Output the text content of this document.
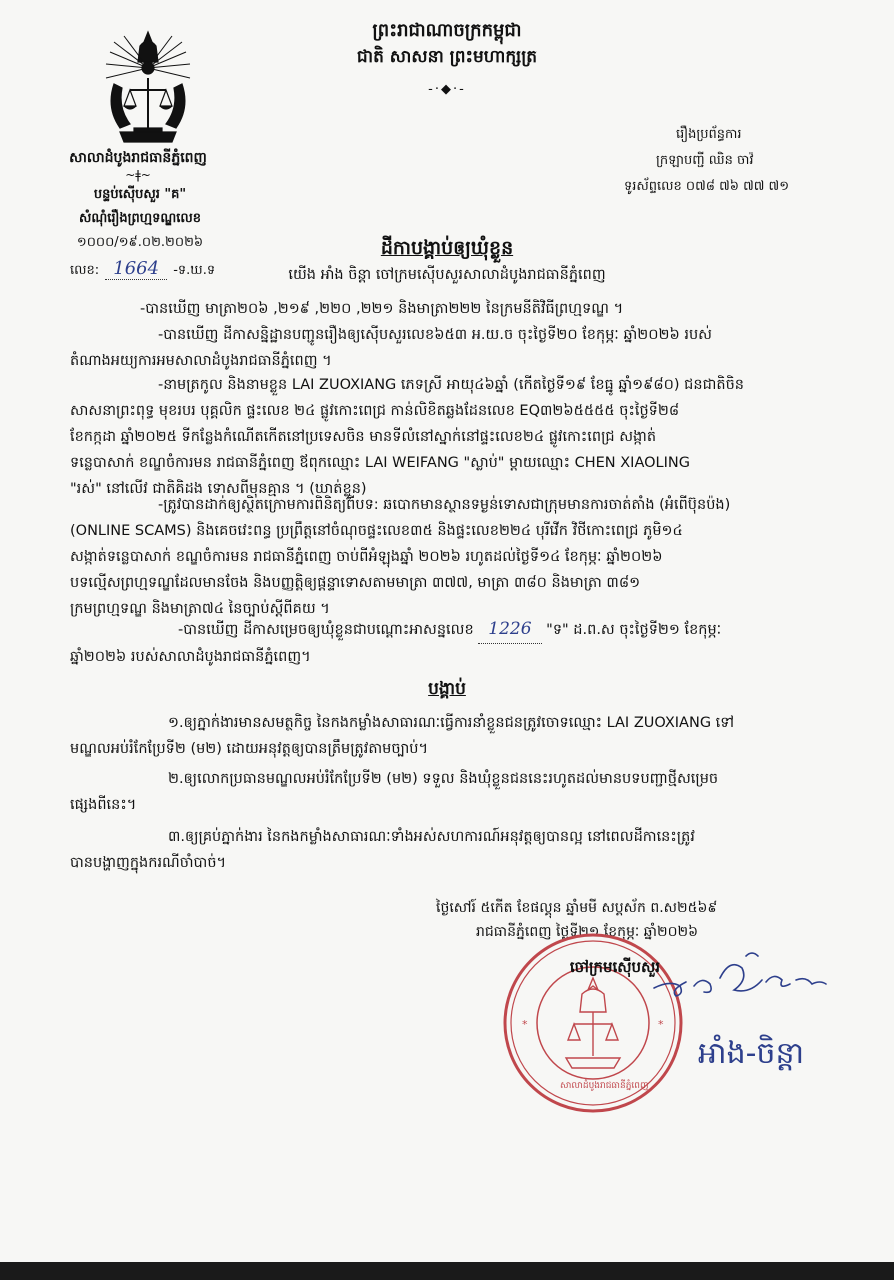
ព្រះរាជាណាចក្រកម្ពុជា
ជាតិ សាសនា ព្រះមហាក្សត្រ
-·◆·-
សាលាដំបូងរាជធានីភ្នំពេញ
~ǂ~
បន្ទប់ស៊ើបសួរ "គ"
សំណុំរឿងព្រហ្មទណ្ឌលេខ
១០០០/១៩.០២.២០២៦
លេខ: 1664 -ទ.ឃ.ទ
រឿងប្រព័ន្ធការ
ក្រឡាបញ្ជី ឈិន ចាវ៉
ទូរស័ព្ទលេខ ០៧៨ ៧៦ ៧៧ ៧១
ដីកាបង្គាប់ឲ្យឃុំខ្លួន
យើង អាំង ចិន្តា ចៅក្រមស៊ើបសួរសាលាដំបូងរាជធានីភ្នំពេញ
-បានឃើញ មាត្រា២០៦ ,២១៩ ,២២០ ,២២១ និងមាត្រា២២២ នៃក្រមនីតិវិធីព្រហ្មទណ្ឌ ។
-បានឃើញ ដីកាសន្និដ្ឋានបញ្ជូនរឿងឲ្យស៊ើបសួរលេខ៦៥៣ អ.យ.ច ចុះថ្ងៃទី២០ ខែកុម្ភៈ ឆ្នាំ២០២៦ របស់
តំណាងអយ្យការអមសាលាដំបូងរាជធានីភ្នំពេញ ។
-នាមត្រកូល និងនាមខ្លួន LAI ZUOXIANG ភេទស្រី អាយុ៤៦ឆ្នាំ (កើតថ្ងៃទី១៩ ខែធ្នូ ឆ្នាំ១៩៨០) ជនជាតិចិន
សាសនាព្រះពុទ្ធ មុខរបរ បុគ្គលិក ផ្ទះលេខ ២៤ ផ្លូវកោះពេជ្រ កាន់លិខិតឆ្លងដែនលេខ EQ៣២៦៥៥៥៥ ចុះថ្ងៃទី២៨
ខែកក្កដា ឆ្នាំ២០២៥ ទីកន្លែងកំណើតកើតនៅប្រទេសចិន មានទីលំនៅស្នាក់នៅផ្ទះលេខ២៤ ផ្លូវកោះពេជ្រ សង្កាត់
ទន្លេបាសាក់ ខណ្ឌចំការមន រាជធានីភ្នំពេញ ឪពុកឈ្មោះ LAI WEIFANG "ស្លាប់" ម្ដាយឈ្មោះ CHEN XIAOLING
"រស់" នៅលើវ ជាតិគិដង ទោសពីមុនគ្មាន ។ (ឃាត់ខ្លួន)
-ត្រូវបានដាក់ឲ្យស្ថិតក្រោមការពិនិត្យពីបទ: ឆបោកមានស្ថានទម្ងន់ទោសជាក្រុមមានការចាត់តាំង (អំពើប៊ុនប៉ង)
(ONLINE SCAMS) និងគេចវេះពន្ធ ប្រព្រឹត្តនៅចំណុចផ្ទះលេខ៣៥ និងផ្ទះលេខ២២៤ បុរីវើក វិថីកោះពេជ្រ ភូមិ១៤
សង្កាត់ទន្លេបាសាក់ ខណ្ឌចំការមន រាជធានីភ្នំពេញ ចាប់ពីអំឡុងឆ្នាំ ២០២៦ រហូតដល់ថ្ងៃទី១៤ ខែកុម្ភៈ ឆ្នាំ២០២៦
បទល្មើសព្រហ្មទណ្ឌដែលមានចែង និងបញ្ញត្តិឲ្យផ្ដន្ទាទោសតាមមាត្រា ៣៧៧, មាត្រា ៣៨០ និងមាត្រា ៣៨១
ក្រមព្រហ្មទណ្ឌ និងមាត្រា៧៤ នៃច្បាប់ស្ដីពីគយ ។
-បានឃើញ ដីកាសម្រេចឲ្យឃុំខ្លួនជាបណ្ដោះអាសន្នលេខ 1226 "ទ" ដ.ព.ស ចុះថ្ងៃទី២១ ខែកុម្ភៈ
ឆ្នាំ២០២៦ របស់សាលាដំបូងរាជធានីភ្នំពេញ។
បង្គាប់
១.ឲ្យភ្នាក់ងារមានសមត្ថកិច្ច នៃកងកម្លាំងសាធារណៈធ្វើការនាំខ្លួនជនត្រូវចោទឈ្មោះ LAI ZUOXIANG ទៅ
មណ្ឌលអប់រំកែប្រែទី២ (ម២) ដោយអនុវត្តឲ្យបានត្រឹមត្រូវតាមច្បាប់។
២.ឲ្យលោកប្រធានមណ្ឌលអប់រំកែប្រែទី២ (ម២) ទទួល និងឃុំខ្លួនជននេះរហូតដល់មានបទបញ្ជាថ្មីសម្រេច
ផ្សេងពីនេះ។
៣.ឲ្យគ្រប់ភ្នាក់ងារ នៃកងកម្លាំងសាធារណៈទាំងអស់សហការណ៍អនុវត្តឲ្យបានល្អ នៅពេលដីកានេះត្រូវ
បានបង្ហាញក្នុងករណីចាំបាច់។
ថ្ងៃសៅរ៍ ៥កើត ខែផល្គុន ឆ្នាំមមី សប្ដស័ក ព.ស២៥៦៩
រាជធានីភ្នំពេញ ថ្ងៃទី២១ ខែកុម្ភៈ ឆ្នាំ២០២៦
*	*
សាលាដំបូងរាជធានីភ្នំពេញ
ចៅក្រមស៊ើបសួរ
អាំង-ចិន្តា
